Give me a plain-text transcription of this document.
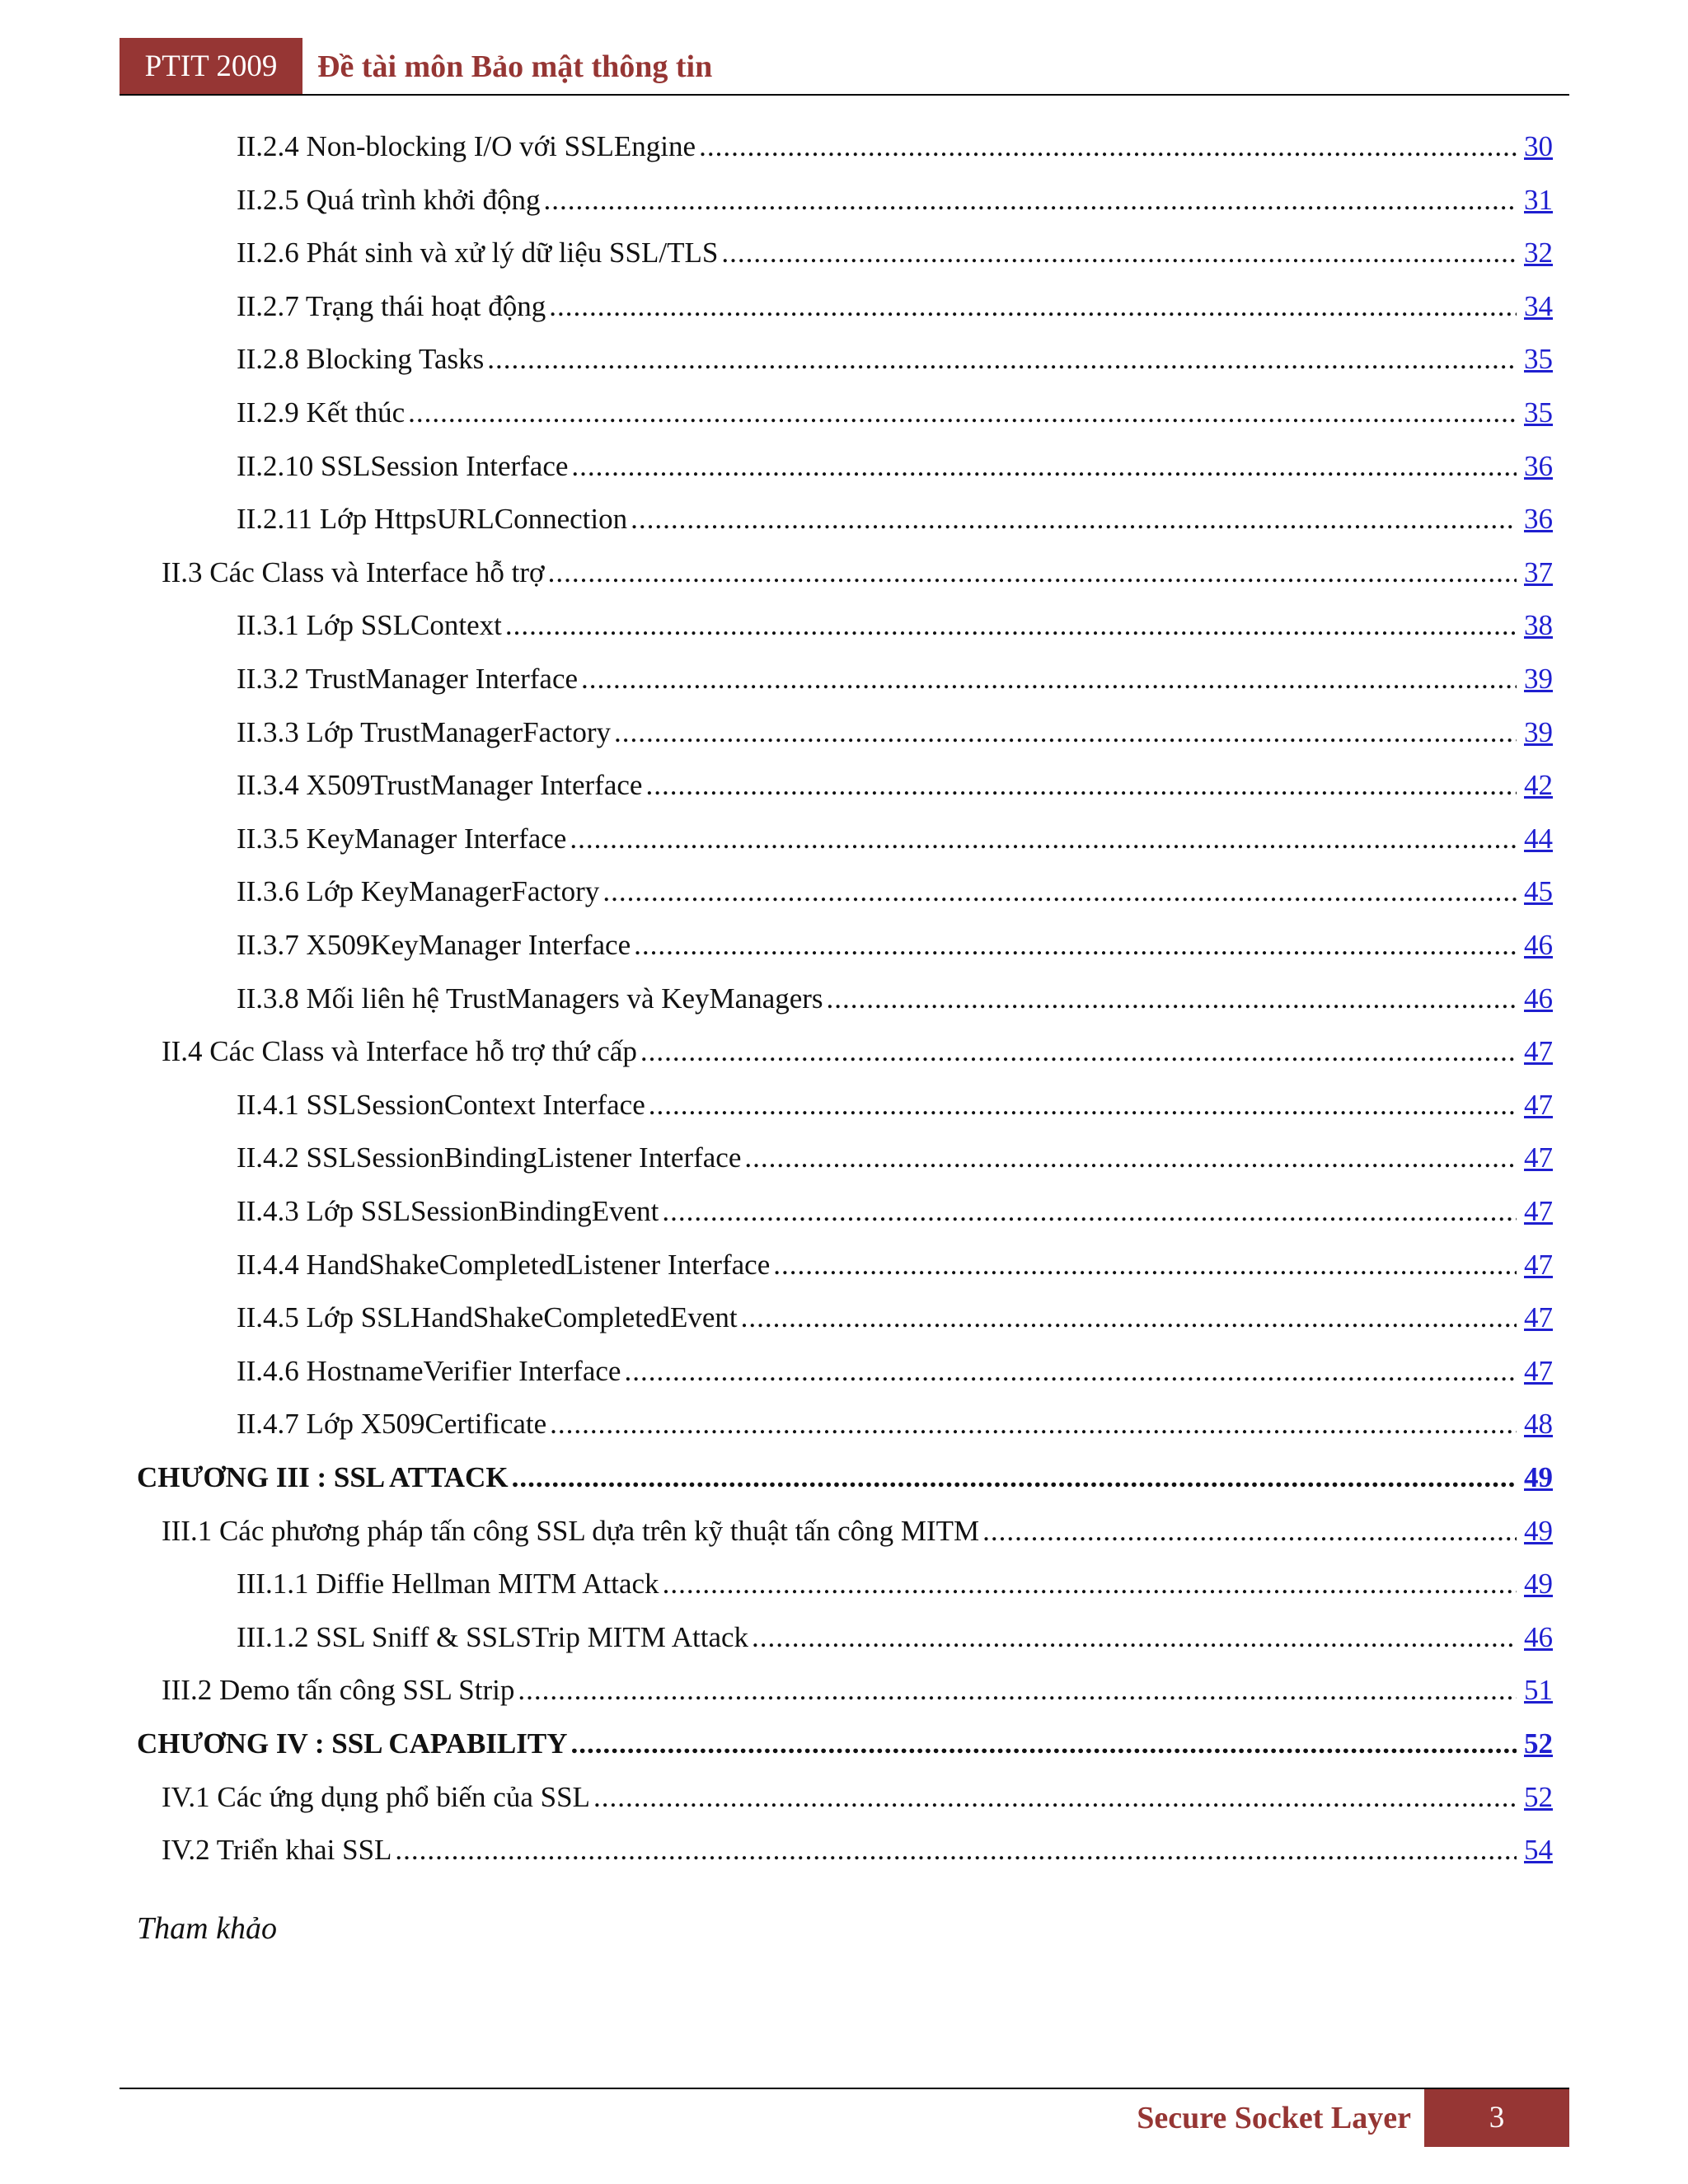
PTIT 2009	Đề tài môn Bảo mật thông tin
II.2.4 Non-blocking I/O với SSLEngine .....	30
II.2.5 Quá trình khởi động .....	31
II.2.6 Phát sinh và xử lý dữ liệu SSL/TLS .....	32
II.2.7 Trạng thái hoạt động .....	34
II.2.8 Blocking Tasks .....	35
II.2.9 Kết thúc .....	35
II.2.10 SSLSession Interface .....	36
II.2.11 Lớp HttpsURLConnection .....	36
II.3 Các Class và Interface hỗ trợ .....	37
II.3.1 Lớp SSLContext .....	38
II.3.2 TrustManager Interface .....	39
II.3.3 Lớp TrustManagerFactory .....	39
II.3.4 X509TrustManager Interface .....	42
II.3.5 KeyManager Interface .....	44
II.3.6 Lớp KeyManagerFactory .....	45
II.3.7 X509KeyManager Interface .....	46
II.3.8 Mối liên hệ TrustManagers và KeyManagers .....	46
II.4 Các Class và Interface hỗ trợ thứ cấp .....	47
II.4.1 SSLSessionContext Interface .....	47
II.4.2 SSLSessionBindingListener Interface .....	47
II.4.3 Lớp SSLSessionBindingEvent .....	47
II.4.4 HandShakeCompletedListener Interface .....	47
II.4.5 Lớp SSLHandShakeCompletedEvent .....	47
II.4.6 HostnameVerifier Interface .....	47
II.4.7 Lớp X509Certificate .....	48
CHƯƠNG III : SSL ATTACK .....	49
III.1 Các phương pháp tấn công SSL dựa trên kỹ thuật tấn công MITM .....	49
III.1.1 Diffie Hellman MITM Attack .....	49
III.1.2 SSL Sniff & SSLSTrip MITM Attack .....	46
III.2 Demo tấn công SSL Strip .....	51
CHƯƠNG IV : SSL CAPABILITY .....	52
IV.1 Các ứng dụng phổ biến của SSL .....	52
IV.2 Triển khai SSL .....	54
Tham khảo
Secure Socket Layer	3
